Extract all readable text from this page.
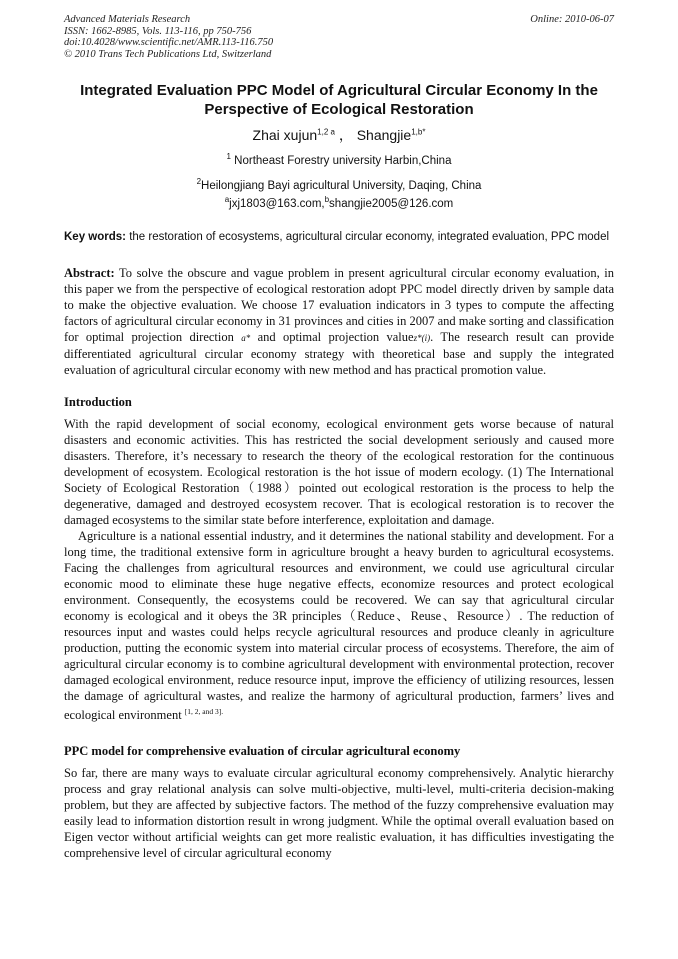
Advanced Materials Research	Online: 2010-06-07
ISSN: 1662-8985, Vols. 113-116, pp 750-756
doi:10.4028/www.scientific.net/AMR.113-116.750
© 2010 Trans Tech Publications Ltd, Switzerland
Integrated Evaluation PPC Model of Agricultural Circular Economy In the
Perspective of Ecological Restoration
Zhai xujun$^{1,2 a}$ ， Shangjie$^{1,b*}$
$^1$ Northeast Forestry university Harbin,China
$^2$Heilongjiang Bayi agricultural University, Daqing, China
$^a$jxj1803@163.com,$^b$shangjie2005@126.com
Key words: the restoration of ecosystems, agricultural circular economy, integrated evaluation, PPC model
Abstract: To solve the obscure and vague problem in present agricultural circular economy evaluation, in this paper we from the perspective of ecological restoration adopt PPC model directly driven by sample data to make the objective evaluation. We choose 17 evaluation indicators in 3 types to compute the affecting factors of agricultural circular economy in 31 provinces and cities in 2007 and make sorting and classification for optimal projection direction a* and optimal projection valuez*(i). The research result can provide differentiated agricultural circular economy strategy with theoretical base and supply the integrated evaluation of agricultural circular economy with new method and has practical promotion value.
Introduction

With the rapid development of social economy, ecological environment gets worse because of natural disasters and economic activities. This has restricted the social development seriously and caused more disasters. Therefore, it’s necessary to research the theory of the ecological restoration for the continuous development of ecosystem. Ecological restoration is the hot issue of modern ecology. (1) The International Society of Ecological Restoration（1988）pointed out ecological restoration is the process to help the degenerative, damaged and destroyed ecosystem recover. That is ecological restoration is to recover the damaged ecosystems to the similar state before interference, exploitation and damage.

Agriculture is a national essential industry, and it determines the national stability and development. For a long time, the traditional extensive form in agriculture brought a heavy burden to agricultural ecosystems. Facing the challenges from agricultural resources and environment, we could use agricultural circular economic mood to eliminate these huge negative effects, economize resources and protect ecological environment. Consequently, the ecosystems could be recovered. We can say that agricultural circular economy is ecological and it obeys the 3R principles（Reduce、Reuse、Resource）. The reduction of resources input and wastes could helps recycle agricultural resources and produce cleanly in agriculture production, putting the economic system into material circular process of ecosystems. Therefore, the aim of agricultural circular economy is to combine agricultural development with environmental protection, recover damaged ecological environment, reduce resource input, improve the efficiency of utilizing resources, lessen the damage of agricultural wastes, and realize the harmony of agricultural production, farmers’ lives and ecological environment $^{[1, 2, and 3].}$

PPC model for comprehensive evaluation of circular agricultural economy

So far, there are many ways to evaluate circular agricultural economy comprehensively. Analytic hierarchy process and gray relational analysis can solve multi-objective, multi-level, multi-criteria decision-making problem, but they are affected by subjective factors. The method of the fuzzy comprehensive evaluation may easily lead to information distortion result in wrong judgment. While the optimal overall evaluation based on Eigen vector without artificial weights can get more realistic evaluation, it has difficulties investigating the comprehensive level of circular agricultural economy
